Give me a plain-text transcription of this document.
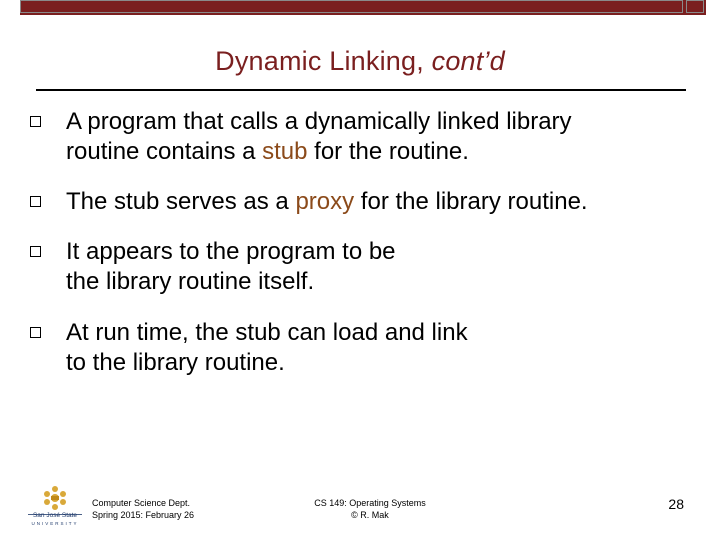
Dynamic Linking, cont’d
A program that calls a dynamically linked library
routine contains a stub for the routine.
The stub serves as a proxy for the library routine.
It appears to the program to be
the library routine itself.
At run time, the stub can load and link
to the library routine.
San José State
UNIVERSITY
Computer Science Dept.
Spring 2015: February 26
CS 149: Operating Systems
© R. Mak
28
